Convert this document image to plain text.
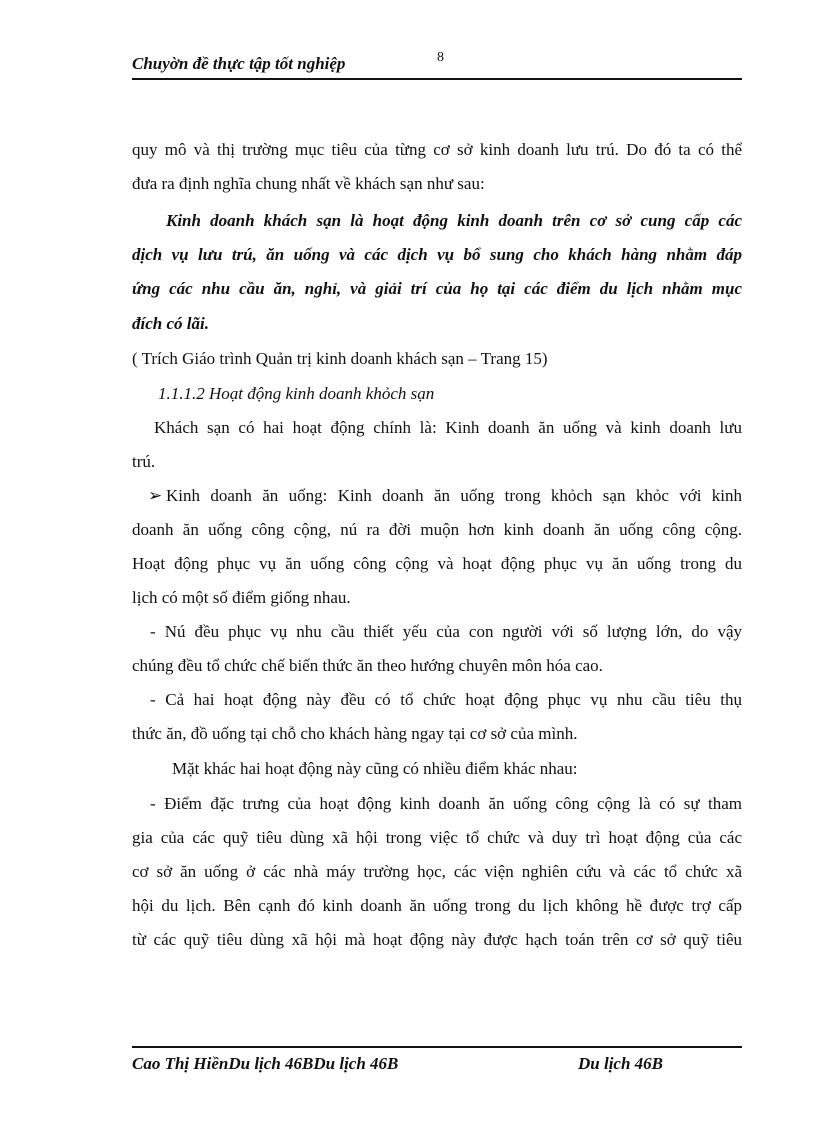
Chuyờn đề thực tập tốt nghiệp	8
quy mô và thị trường mục tiêu của từng cơ sở kinh doanh lưu trú. Do đó ta có thể
đưa ra định nghĩa chung nhất về khách sạn như sau:
Kinh doanh khách sạn là hoạt động kinh doanh trên cơ sở cung cấp các
dịch vụ lưu trú, ăn uống và các dịch vụ bổ sung cho khách hàng nhằm đáp
ứng các nhu cầu ăn, nghỉ, và giải trí của họ tại các điểm du lịch nhằm mục
đích có lãi.
( Trích Giáo trình Quản trị kinh doanh khách sạn – Trang 15)
1.1.1.2 Hoạt động kinh doanh khỏch sạn
Khách sạn có hai hoạt động chính là: Kinh doanh ăn uống và kinh doanh lưu
trú.
➢ Kinh doanh ăn uống: Kinh doanh ăn uống trong khỏch sạn khỏc với kinh
doanh ăn uống công cộng, nú ra đời muộn hơn kinh doanh ăn uống công cộng.
Hoạt động phục vụ ăn uống công cộng và hoạt động phục vụ ăn uống trong du
lịch có một số điểm giống nhau.
- Nú đều phục vụ nhu cầu thiết yếu của con người với số lượng lớn, do vậy
chúng đều tổ chức chế biến thức ăn theo hướng chuyên môn hóa cao.
- Cả hai hoạt động này đều có tổ chức hoạt động phục vụ nhu cầu tiêu thụ
thức ăn, đồ uống tại chỗ cho khách hàng ngay tại cơ sở của mình.
Mặt khác hai hoạt động này cũng có nhiều điểm khác nhau:
- Điểm đặc trưng của hoạt động kinh doanh ăn uống công cộng là có sự tham
gia của các quỹ tiêu dùng xã hội trong việc tổ chức và duy trì hoạt động của các
cơ sở ăn uống ở các nhà máy trường học, các viện nghiên cứu và các tổ chức xã
hội du lịch. Bên cạnh đó kinh doanh ăn uống trong du lịch không hề được trợ cấp
từ các quỹ tiêu dùng xã hội mà hoạt động này được hạch toán trên cơ sở quỹ tiêu
Cao Thị HiềnDu lịch 46BDu lịch 46B	Du lịch 46B
